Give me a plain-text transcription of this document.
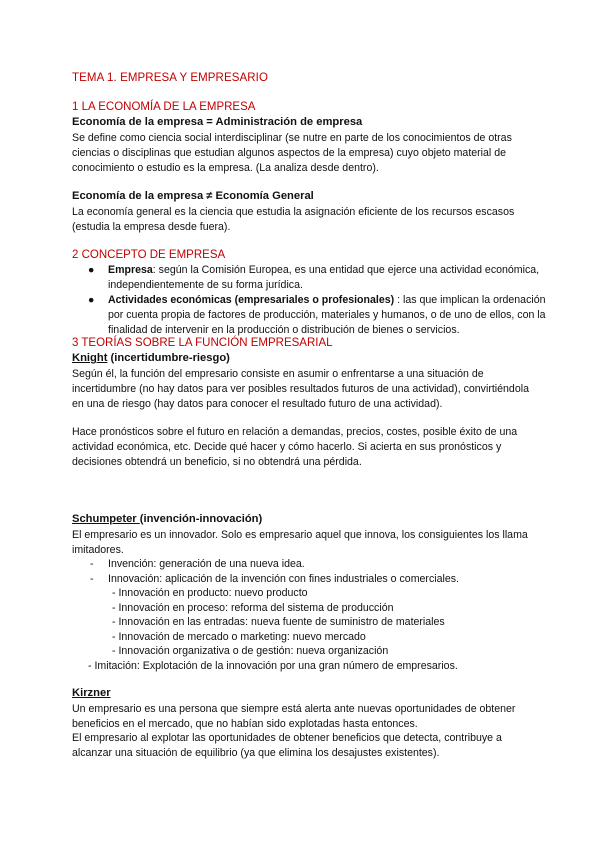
TEMA 1. EMPRESA Y EMPRESARIO
1 LA ECONOMÍA DE LA EMPRESA
Economía de la empresa = Administración de empresa

Se define como ciencia social interdisciplinar (se nutre en parte de los conocimientos de otras ciencias o disciplinas que estudian algunos aspectos de la empresa) cuyo objeto material de conocimiento o estudio es la empresa. (La analiza desde dentro).

Economía de la empresa ≠ Economía General

La economía general es la ciencia que estudia la asignación eficiente de los recursos escasos (estudia la empresa desde fuera).

2 CONCEPTO DE EMPRESA
● Empresa: según la Comisión Europea, es una entidad que ejerce una actividad económica, independientemente de su forma jurídica.
● Actividades económicas (empresariales o profesionales) : las que implican la ordenación por cuenta propia de factores de producción, materiales y humanos, o de uno de ellos, con la finalidad de intervenir en la producción o distribución de bienes o servicios.
3 TEORÍAS SOBRE LA FUNCIÓN EMPRESARIAL
Knight (incertidumbre-riesgo)

Según él, la función del empresario consiste en asumir o enfrentarse a una situación de incertidumbre (no hay datos para ver posibles resultados futuros de una actividad), convirtiéndola en una de riesgo (hay datos para conocer el resultado futuro de una actividad).

Hace pronósticos sobre el futuro en relación a demandas, precios, costes, posible éxito de una actividad económica, etc. Decide qué hacer y cómo hacerlo. Si acierta en sus pronósticos y decisiones obtendrá un beneficio, si no obtendrá una pérdida.

Schumpeter (invención-innovación)

El empresario es un innovador. Solo es empresario aquel que innova, los consiguientes los llama imitadores.

- Invención: generación de una nueva idea.
- Innovación: aplicación de la invención con fines industriales o comerciales.
- Innovación en producto: nuevo producto
- Innovación en proceso: reforma del sistema de producción
- Innovación en las entradas: nueva fuente de suministro de materiales
- Innovación de mercado o marketing: nuevo mercado
- Innovación organizativa o de gestión: nueva organización
- Imitación: Explotación de la innovación por una gran número de empresarios.
Kirzner

Un empresario es una persona que siempre está alerta ante nuevas oportunidades de obtener beneficios en el mercado, que no habían sido explotadas hasta entonces.

El empresario al explotar las oportunidades de obtener beneficios que detecta, contribuye a alcanzar una situación de equilibrio (ya que elimina los desajustes existentes).
